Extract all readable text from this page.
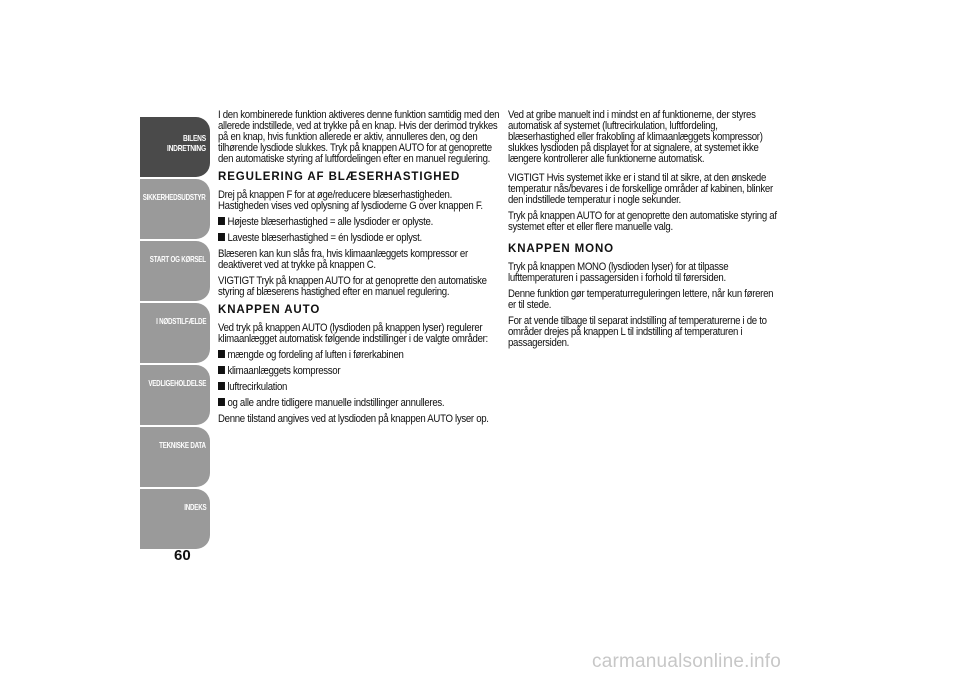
BILENS
INDRETNING
SIKKERHEDSUDSTYR
START OG KØRSEL
I NØDSTILFÆLDE
VEDLIGEHOLDELSE
TEKNISKE DATA
INDEKS
60

I den kombinerede funktion aktiveres denne funktion samtidig med den allerede indstillede, ved at trykke på en knap. Hvis der derimod trykkes på en knap, hvis funktion allerede er aktiv, annulleres den, og den tilhørende lysdiode slukkes. Tryk på knappen AUTO for at genoprette den automatiske styring af luftfordelingen efter en manuel regulering.

REGULERING AF BLÆSERHASTIGHED

Drej på knappen F for at øge/reducere blæserhastigheden. Hastigheden vises ved oplysning af lysdioderne G over knappen F.

Højeste blæserhastighed = alle lysdioder er oplyste.
Laveste blæserhastighed = én lysdiode er oplyst.

Blæseren kan kun slås fra, hvis klimaanlæggets kompressor er deaktiveret ved at trykke på knappen C.

VIGTIGT Tryk på knappen AUTO for at genoprette den automatiske styring af blæserens hastighed efter en manuel regulering.

KNAPPEN AUTO

Ved tryk på knappen AUTO (lysdioden på knappen lyser) regulerer klimaanlægget automatisk følgende indstillinger i de valgte områder:

mængde og fordeling af luften i førerkabinen
klimaanlæggets kompressor
luftrecirkulation
og alle andre tidligere manuelle indstillinger annulleres.

Denne tilstand angives ved at lysdioden på knappen AUTO lyser op.

Ved at gribe manuelt ind i mindst en af funktionerne, der styres automatisk af systemet (luftrecirkulation, luftfordeling, blæserhastighed eller frakobling af klimaanlæggets kompressor) slukkes lysdioden på displayet for at signalere, at systemet ikke længere kontrollerer alle funktionerne automatisk.

VIGTIGT Hvis systemet ikke er i stand til at sikre, at den ønskede temperatur nås/bevares i de forskellige områder af kabinen, blinker den indstillede temperatur i nogle sekunder.

Tryk på knappen AUTO for at genoprette den automatiske styring af systemet efter et eller flere manuelle valg.

KNAPPEN MONO

Tryk på knappen MONO (lysdioden lyser) for at tilpasse lufttemperaturen i passagersiden i forhold til førersiden.

Denne funktion gør temperaturreguleringen lettere, når kun føreren er til stede.

For at vende tilbage til separat indstilling af temperaturerne i de to områder drejes på knappen L til indstilling af temperaturen i passagersiden.

carmanualsonline.info
